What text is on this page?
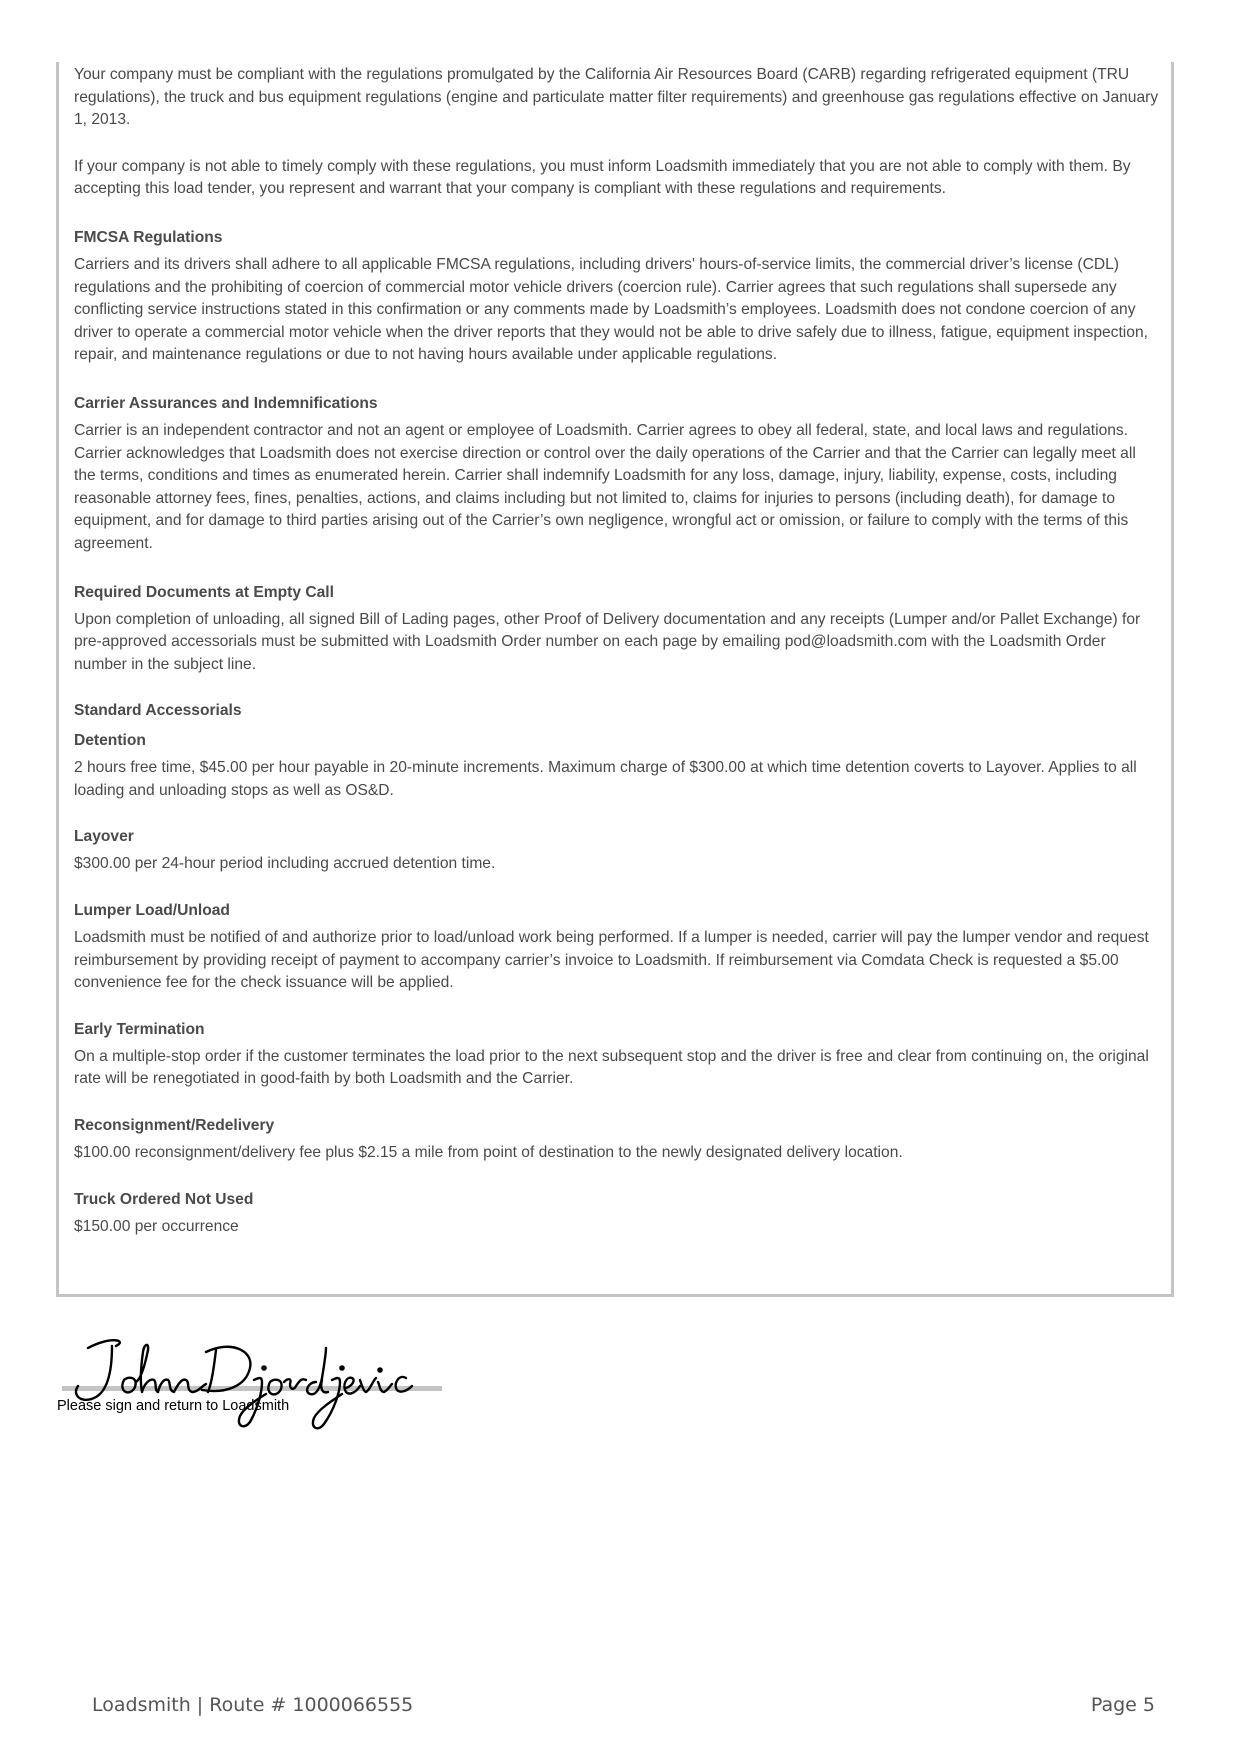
Your company must be compliant with the regulations promulgated by the California Air Resources Board (CARB) regarding refrigerated equipment (TRU regulations), the truck and bus equipment regulations (engine and particulate matter filter requirements) and greenhouse gas regulations effective on January 1, 2013.

If your company is not able to timely comply with these regulations, you must inform Loadsmith immediately that you are not able to comply with them. By accepting this load tender, you represent and warrant that your company is compliant with these regulations and requirements.

FMCSA Regulations

Carriers and its drivers shall adhere to all applicable FMCSA regulations, including drivers' hours-of-service limits, the commercial driver’s license (CDL) regulations and the prohibiting of coercion of commercial motor vehicle drivers (coercion rule). Carrier agrees that such regulations shall supersede any conflicting service instructions stated in this confirmation or any comments made by Loadsmith’s employees. Loadsmith does not condone coercion of any driver to operate a commercial motor vehicle when the driver reports that they would not be able to drive safely due to illness, fatigue, equipment inspection, repair, and maintenance regulations or due to not having hours available under applicable regulations.

Carrier Assurances and Indemnifications

Carrier is an independent contractor and not an agent or employee of Loadsmith. Carrier agrees to obey all federal, state, and local laws and regulations. Carrier acknowledges that Loadsmith does not exercise direction or control over the daily operations of the Carrier and that the Carrier can legally meet all the terms, conditions and times as enumerated herein. Carrier shall indemnify Loadsmith for any loss, damage, injury, liability, expense, costs, including reasonable attorney fees, fines, penalties, actions, and claims including but not limited to, claims for injuries to persons (including death), for damage to equipment, and for damage to third parties arising out of the Carrier’s own negligence, wrongful act or omission, or failure to comply with the terms of this agreement.

Required Documents at Empty Call

Upon completion of unloading, all signed Bill of Lading pages, other Proof of Delivery documentation and any receipts (Lumper and/or Pallet Exchange) for pre-approved accessorials must be submitted with Loadsmith Order number on each page by emailing pod@loadsmith.com with the Loadsmith Order number in the subject line.

Standard Accessorials
Detention

2 hours free time, $45.00 per hour payable in 20-minute increments. Maximum charge of $300.00 at which time detention coverts to Layover. Applies to all loading and unloading stops as well as OS&D.

Layover

$300.00 per 24-hour period including accrued detention time.

Lumper Load/Unload

Loadsmith must be notified of and authorize prior to load/unload work being performed. If a lumper is needed, carrier will pay the lumper vendor and request reimbursement by providing receipt of payment to accompany carrier’s invoice to Loadsmith. If reimbursement via Comdata Check is requested a $5.00 convenience fee for the check issuance will be applied.

Early Termination

On a multiple-stop order if the customer terminates the load prior to the next subsequent stop and the driver is free and clear from continuing on, the original rate will be renegotiated in good-faith by both Loadsmith and the Carrier.

Reconsignment/Redelivery

$100.00 reconsignment/delivery fee plus $2.15 a mile from point of destination to the newly designated delivery location.

Truck Ordered Not Used

$150.00 per occurrence

Please sign and return to Loadsmith
Loadsmith | Route # 1000066555	Page 5
